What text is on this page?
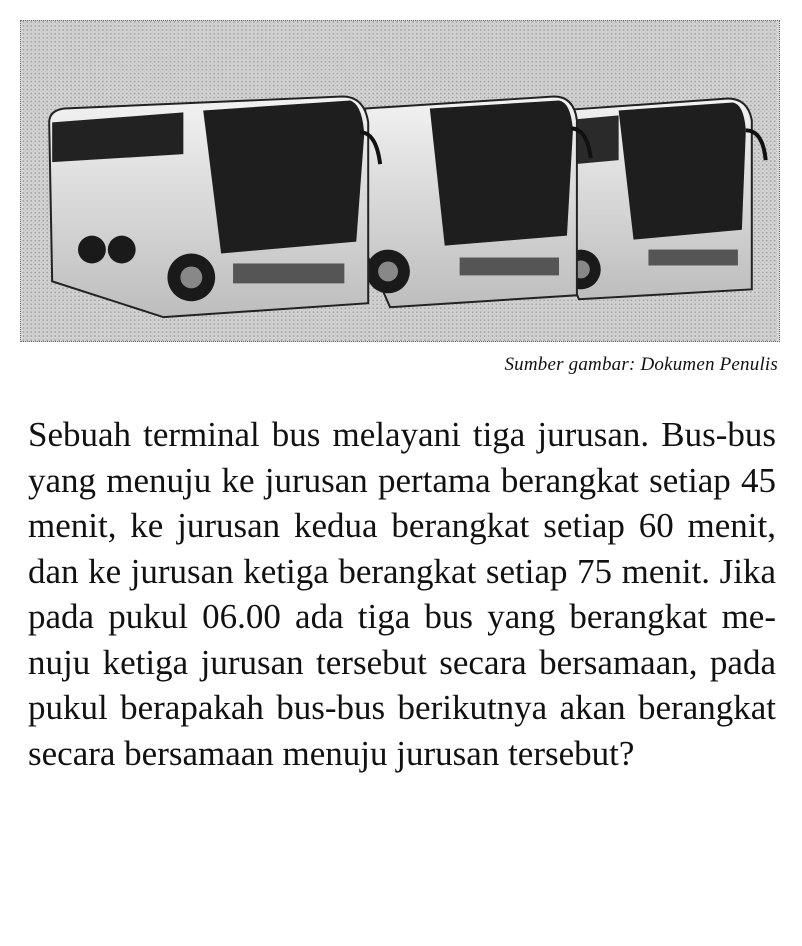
Sumber gambar: Dokumen Penulis

Sebuah terminal bus melayani tiga jurusan. Bus-bus yang menuju ke jurusan pertama berangkat setiap 45 menit, ke jurusan kedua berangkat setiap 60 menit, dan ke jurusan ketiga berangkat setiap 75 menit. Jika pada pukul 06.00 ada tiga bus yang berangkat menuju ketiga jurusan tersebut secara bersamaan, pada pukul berapakah bus-bus berikutnya akan berangkat secara bersamaan menuju jurusan tersebut?
